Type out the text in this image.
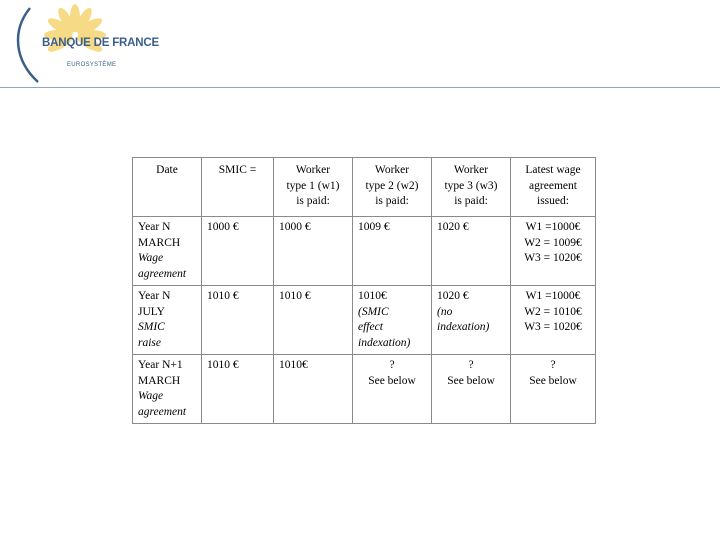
BANQUE DE FRANCE
EUROSYSTÈME
Date	SMIC =	Worker
type 1 (w1)
is paid:	Worker
type 2 (w2)
is paid:	Worker
type 3 (w3)
is paid:	Latest wage
agreement
issued:

Year N
MARCH
Wage
agreement	1000 €	1000 €	1009 €	1020 €	W1 =1000€
W2 = 1009€
W3 = 1020€

Year N
JULY
SMIC
raise	1010 €	1010 €	1010€
(SMIC
effect
indexation)	1020 €
(no
indexation)	W1 =1000€
W2 = 1010€
W3 = 1020€

Year N+1
MARCH
Wage
agreement	1010 €	1010€	?
See below	?
See below	?
See below
